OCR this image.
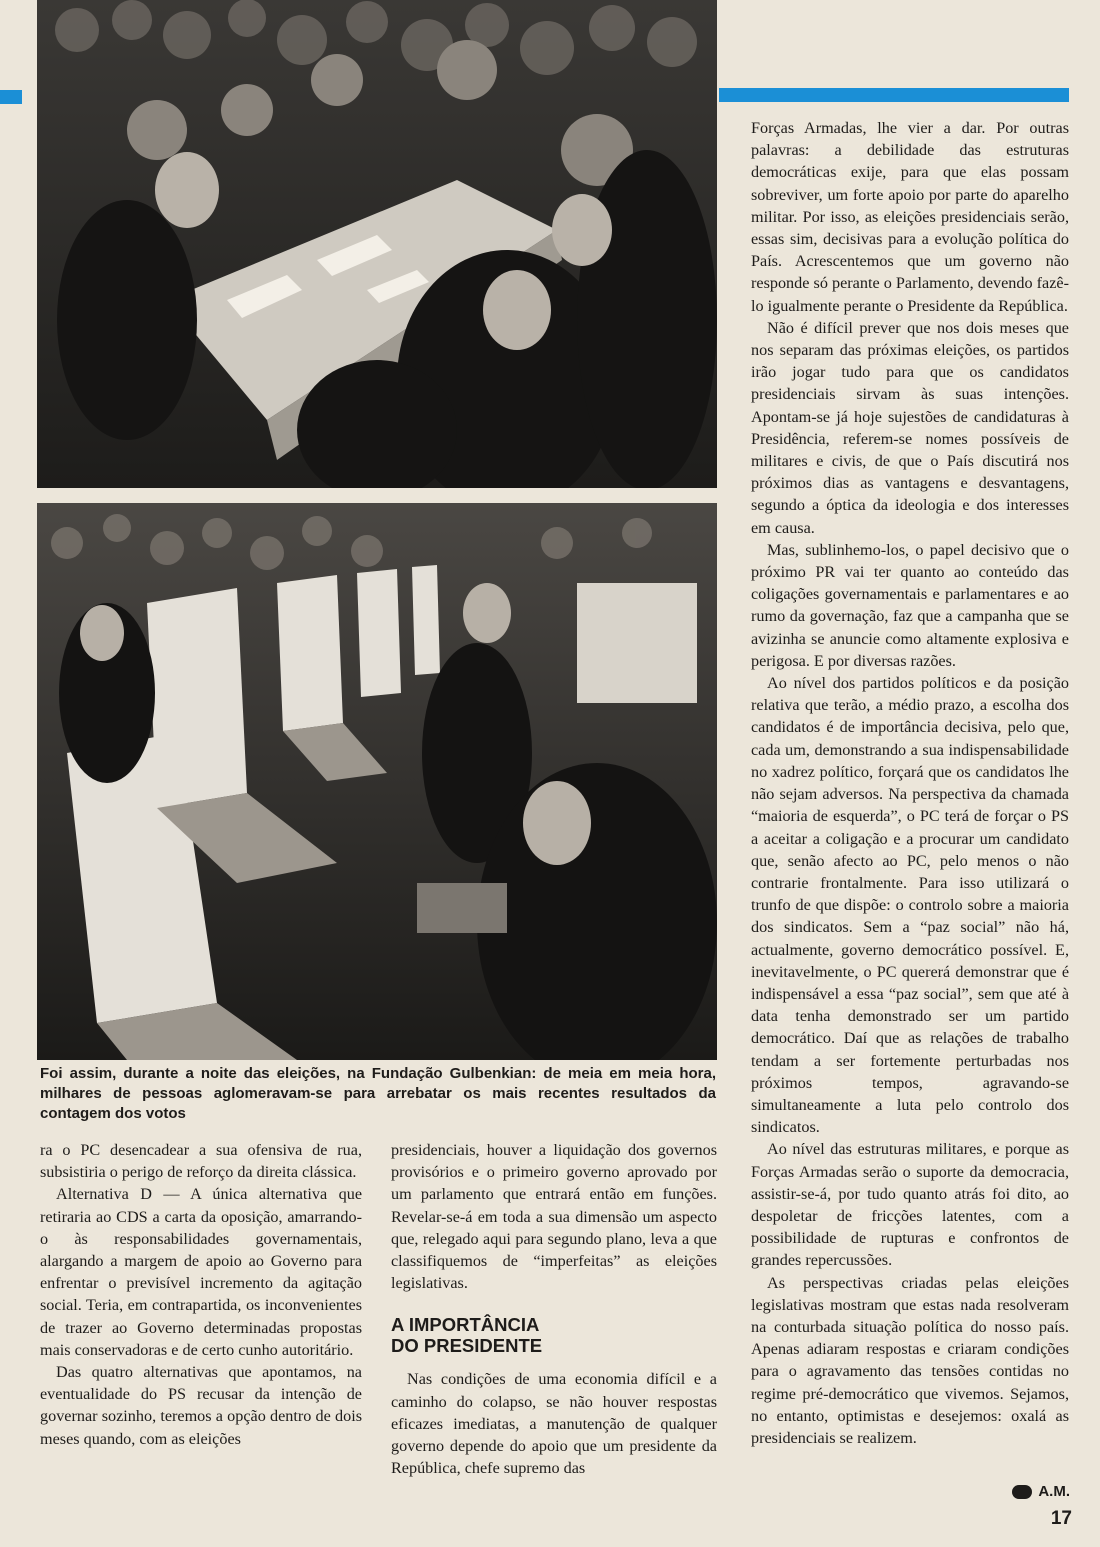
Foi assim, durante a noite das eleições, na Fundação Gulbenkian: de meia em meia hora, milhares de pessoas aglomeravam-se para arrebatar os mais recentes resultados da contagem dos votos

ra o PC desencadear a sua ofensiva de rua, subsistiria o perigo de reforço da direita clássica.

Alternativa D — A única alternativa que retiraria ao CDS a carta da oposição, amarrando-o às responsabilidades governamentais, alargando a margem de apoio ao Governo para enfrentar o previsível incremento da agitação social. Teria, em contrapartida, os inconvenientes de trazer ao Governo determinadas propostas mais conservadoras e de certo cunho autoritário.

Das quatro alternativas que apontamos, na eventualidade do PS recusar da intenção de governar sozinho, teremos a opção dentro de dois meses quando, com as eleições

presidenciais, houver a liquidação dos governos provisórios e o primeiro governo aprovado por um parlamento que entrará então em funções. Revelar-se-á em toda a sua dimensão um aspecto que, relegado aqui para segundo plano, leva a que classifiquemos de “imperfeitas” as eleições legislativas.

A IMPORTÂNCIA
DO PRESIDENTE

Nas condições de uma economia difícil e a caminho do colapso, se não houver respostas eficazes imediatas, a manutenção de qualquer governo depende do apoio que um presidente da República, chefe supremo das

Forças Armadas, lhe vier a dar. Por outras palavras: a debilidade das estruturas democráticas exije, para que elas possam sobreviver, um forte apoio por parte do aparelho militar. Por isso, as eleições presidenciais serão, essas sim, decisivas para a evolução política do País. Acrescentemos que um governo não responde só perante o Parlamento, devendo fazê-lo igualmente perante o Presidente da República.

Não é difícil prever que nos dois meses que nos separam das próximas eleições, os partidos irão jogar tudo para que os candidatos presidenciais sirvam às suas intenções. Apontam-se já hoje sujestões de candidaturas à Presidência, referem-se nomes possíveis de militares e civis, de que o País discutirá nos próximos dias as vantagens e desvantagens, segundo a óptica da ideologia e dos interesses em causa.

Mas, sublinhemo-los, o papel decisivo que o próximo PR vai ter quanto ao conteúdo das coligações governamentais e parlamentares e ao rumo da governação, faz que a campanha que se avizinha se anuncie como altamente explosiva e perigosa. E por diversas razões.

Ao nível dos partidos políticos e da posição relativa que terão, a médio prazo, a escolha dos candidatos é de importância decisiva, pelo que, cada um, demonstrando a sua indispensabilidade no xadrez político, forçará que os candidatos lhe não sejam adversos. Na perspectiva da chamada “maioria de esquerda”, o PC terá de forçar o PS a aceitar a coligação e a procurar um candidato que, senão afecto ao PC, pelo menos o não contrarie frontalmente. Para isso utilizará o trunfo de que dispõe: o controlo sobre a maioria dos sindicatos. Sem a “paz social” não há, actualmente, governo democrático possível. E, inevitavelmente, o PC quererá demonstrar que é indispensável a essa “paz social”, sem que até à data tenha demonstrado ser um partido democrático. Daí que as relações de trabalho tendam a ser fortemente perturbadas nos próximos tempos, agravando-se simultaneamente a luta pelo controlo dos sindicatos.

Ao nível das estruturas militares, e porque as Forças Armadas serão o suporte da democracia, assistir-se-á, por tudo quanto atrás foi dito, ao despoletar de fricções latentes, com a possibilidade de rupturas e confrontos de grandes repercussões.

As perspectivas criadas pelas eleições legislativas mostram que estas nada resolveram na conturbada situação política do nosso país. Apenas adiaram respostas e criaram condições para o agravamento das tensões contidas no regime pré-democrático que vivemos. Sejamos, no entanto, optimistas e desejemos: oxalá as presidenciais se realizem.

A.M.
17
